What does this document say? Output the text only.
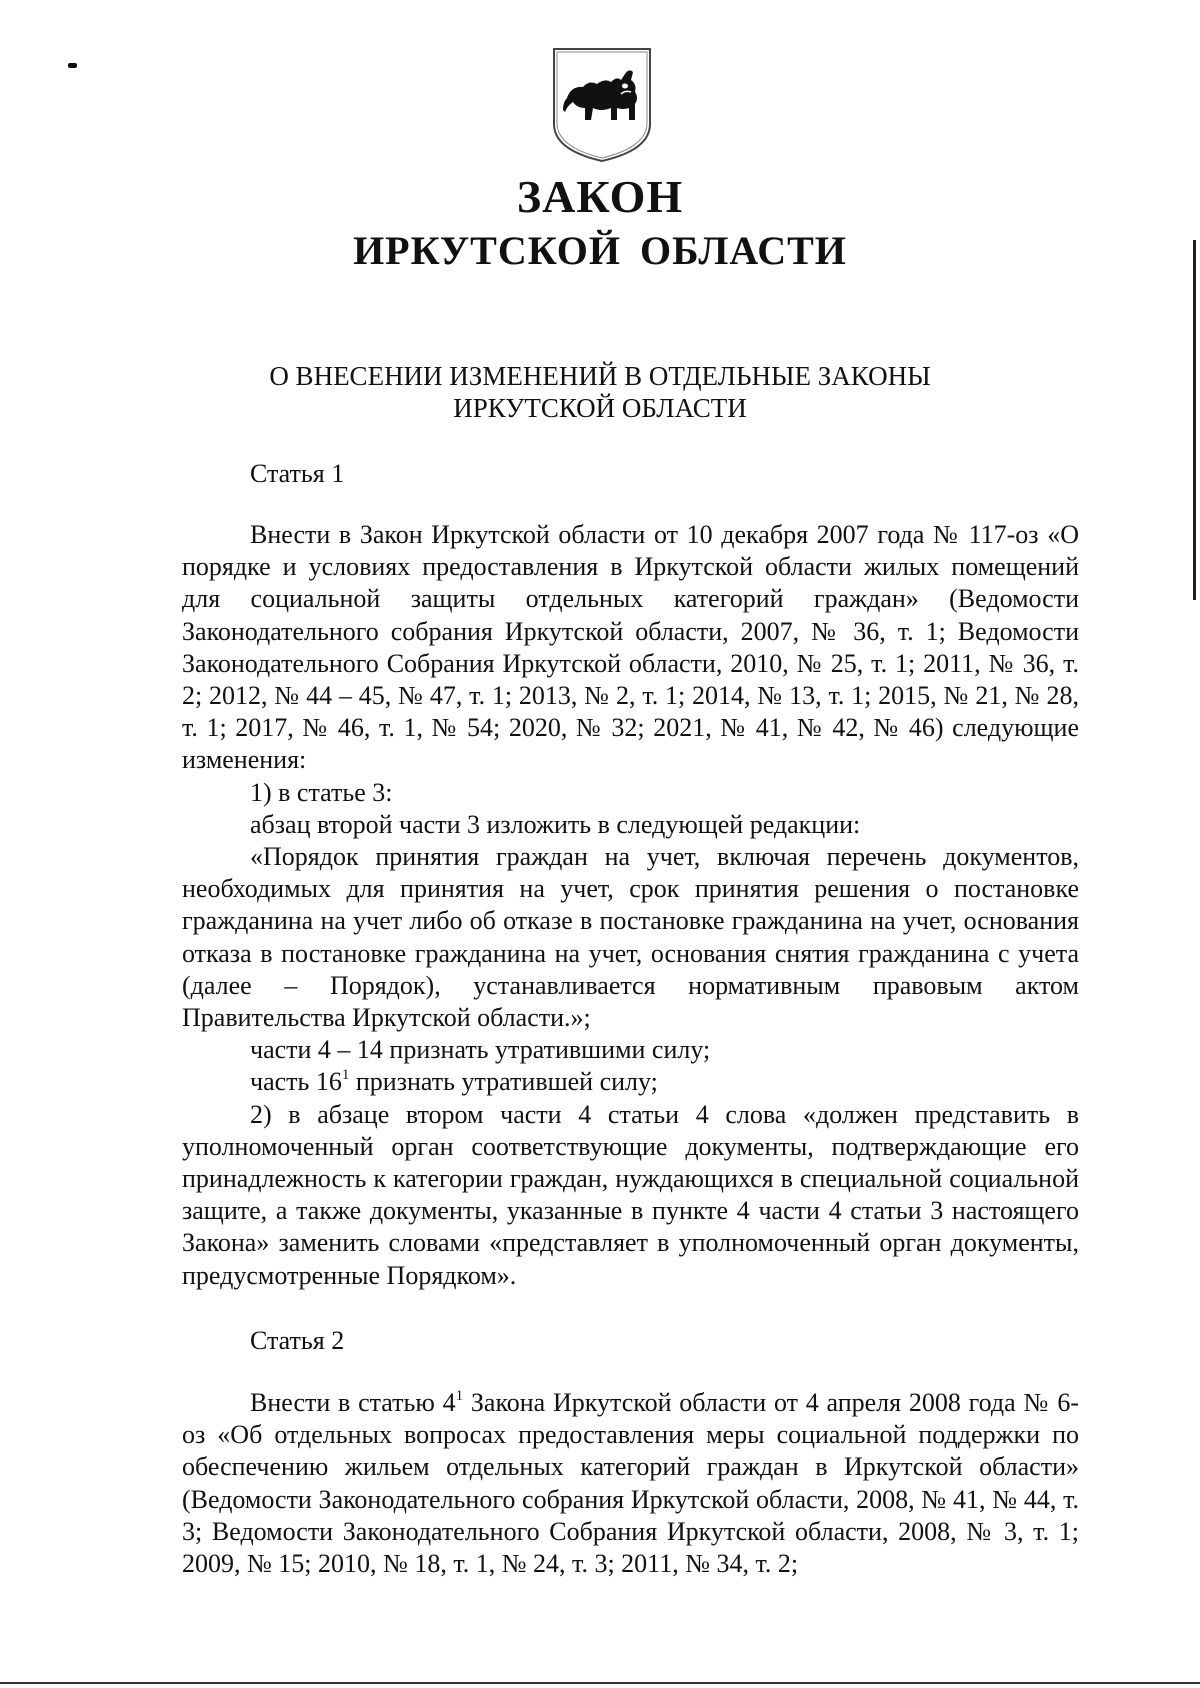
ЗАКОН
ИРКУТСКОЙ ОБЛАСТИ
О ВНЕСЕНИИ ИЗМЕНЕНИЙ В ОТДЕЛЬНЫЕ ЗАКОНЫ
ИРКУТСКОЙ ОБЛАСТИ
Статья 1

Внести в Закон Иркутской области от 10 декабря 2007 года № 117-оз «О порядке и условиях предоставления в Иркутской области жилых помещений для социальной защиты отдельных категорий граждан» (Ведомости Законодательного собрания Иркутской области, 2007, № 36, т. 1; Ведомости Законодательного Собрания Иркутской области, 2010, № 25, т. 1; 2011, № 36, т. 2; 2012, № 44 – 45, № 47, т. 1; 2013, № 2, т. 1; 2014, № 13, т. 1; 2015, № 21, № 28, т. 1; 2017, № 46, т. 1, № 54; 2020, № 32; 2021, № 41, № 42, № 46) следующие изменения:

1) в статье 3:

абзац второй части 3 изложить в следующей редакции:

«Порядок принятия граждан на учет, включая перечень документов, необходимых для принятия на учет, срок принятия решения о постановке гражданина на учет либо об отказе в постановке гражданина на учет, основания отказа в постановке гражданина на учет, основания снятия гражданина с учета (далее – Порядок), устанавливается нормативным правовым актом Правительства Иркутской области.»;

части 4 – 14 признать утратившими силу;

часть $16^1$ признать утратившей силу;

2) в абзаце втором части 4 статьи 4 слова «должен представить в уполномоченный орган соответствующие документы, подтверждающие его принадлежность к категории граждан, нуждающихся в специальной социальной защите, а также документы, указанные в пункте 4 части 4 статьи 3 настоящего Закона» заменить словами «представляет в уполномоченный орган документы, предусмотренные Порядком».

Статья 2

Внести в статью $4^1$ Закона Иркутской области от 4 апреля 2008 года № 6-оз «Об отдельных вопросах предоставления меры социальной поддержки по обеспечению жильем отдельных категорий граждан в Иркутской области» (Ведомости Законодательного собрания Иркутской области, 2008, № 41, № 44, т. 3; Ведомости Законодательного Собрания Иркутской области, 2008, № 3, т. 1; 2009, № 15; 2010, № 18, т. 1, № 24, т. 3; 2011, № 34, т. 2;
